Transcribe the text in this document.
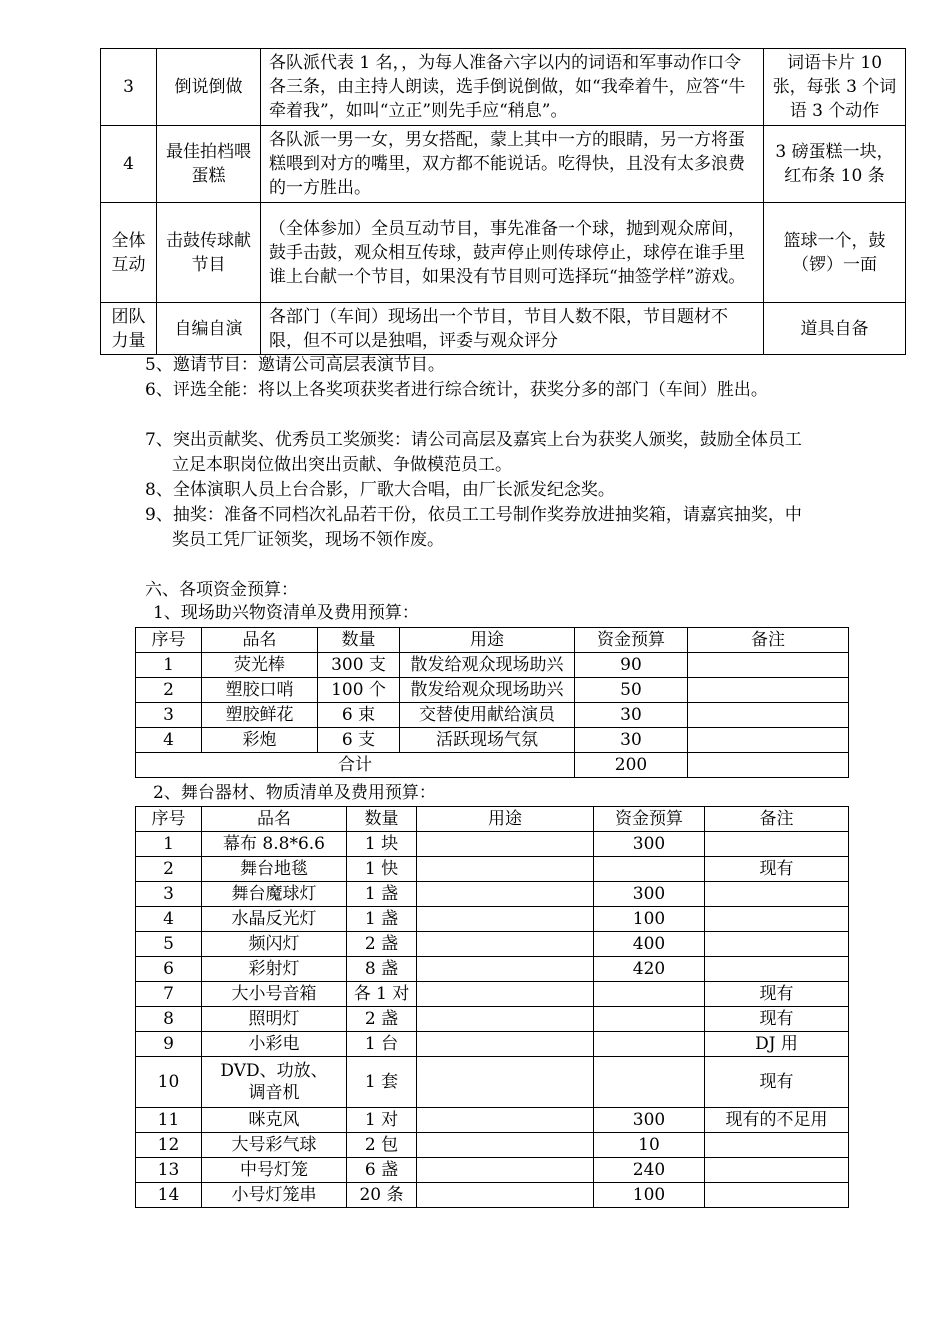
3	倒说倒做	各队派代表 1 名，，为每人准备六字以内的词语和军事动作口令各三条，由主持人朗读，选手倒说倒做，如“我牵着牛，应答“牛牵着我”，如叫“立正”则先手应“稍息”。	词语卡片 10 张，每张 3 个词语 3 个动作
4	最佳拍档喂蛋糕	各队派一男一女，男女搭配，蒙上其中一方的眼睛，另一方将蛋糕喂到对方的嘴里，双方都不能说话。吃得快，且没有太多浪费的一方胜出。	3 磅蛋糕一块，红布条 10 条
全体互动	击鼓传球献节目	（全体参加）全员互动节目，事先准备一个球，抛到观众席间，鼓手击鼓，观众相互传球，鼓声停止则传球停止，球停在谁手里谁上台献一个节目，如果没有节目则可选择玩“抽签学样”游戏。	篮球一个，鼓（锣）一面
团队力量	自编自演	各部门（车间）现场出一个节目，节目人数不限，节目题材不限，但不可以是独唱，评委与观众评分	道具自备
5、邀请节目：邀请公司高层表演节目。
6、评选全能：将以上各奖项获奖者进行综合统计，获奖分多的部门（车间）胜出。
7、突出贡献奖、优秀员工奖颁奖：请公司高层及嘉宾上台为获奖人颁奖，鼓励全体员工立足本职岗位做出突出贡献、争做模范员工。
8、全体演职人员上台合影，厂歌大合唱，由厂长派发纪念奖。
9、抽奖：准备不同档次礼品若干份，依员工工号制作奖券放进抽奖箱，请嘉宾抽奖，中奖员工凭厂证领奖，现场不领作废。
六、各项资金预算：
1、现场助兴物资清单及费用预算：
序号	品名	数量	用途	资金预算	备注
1	荧光棒	300 支	散发给观众现场助兴	90	
2	塑胶口哨	100 个	散发给观众现场助兴	50	
3	塑胶鲜花	6 束	交替使用献给演员	30	
4	彩炮	6 支	活跃现场气氛	30	
合计				200	
2、舞台器材、物质清单及费用预算：
序号	品名	数量	用途	资金预算	备注
1	幕布 8.8*6.6	1 块		300	
2	舞台地毯	1 快			现有
3	舞台魔球灯	1 盏		300	
4	水晶反光灯	1 盏		100	
5	频闪灯	2 盏		400	
6	彩射灯	8 盏		420	
7	大小号音箱	各 1 对			现有
8	照明灯	2 盏			现有
9	小彩电	1 台			DJ 用
10	DVD、功放、调音机	1 套			现有
11	咪克风	1 对		300	现有的不足用
12	大号彩气球	2 包		10	
13	中号灯笼	6 盏		240	
14	小号灯笼串	20 条		100	
